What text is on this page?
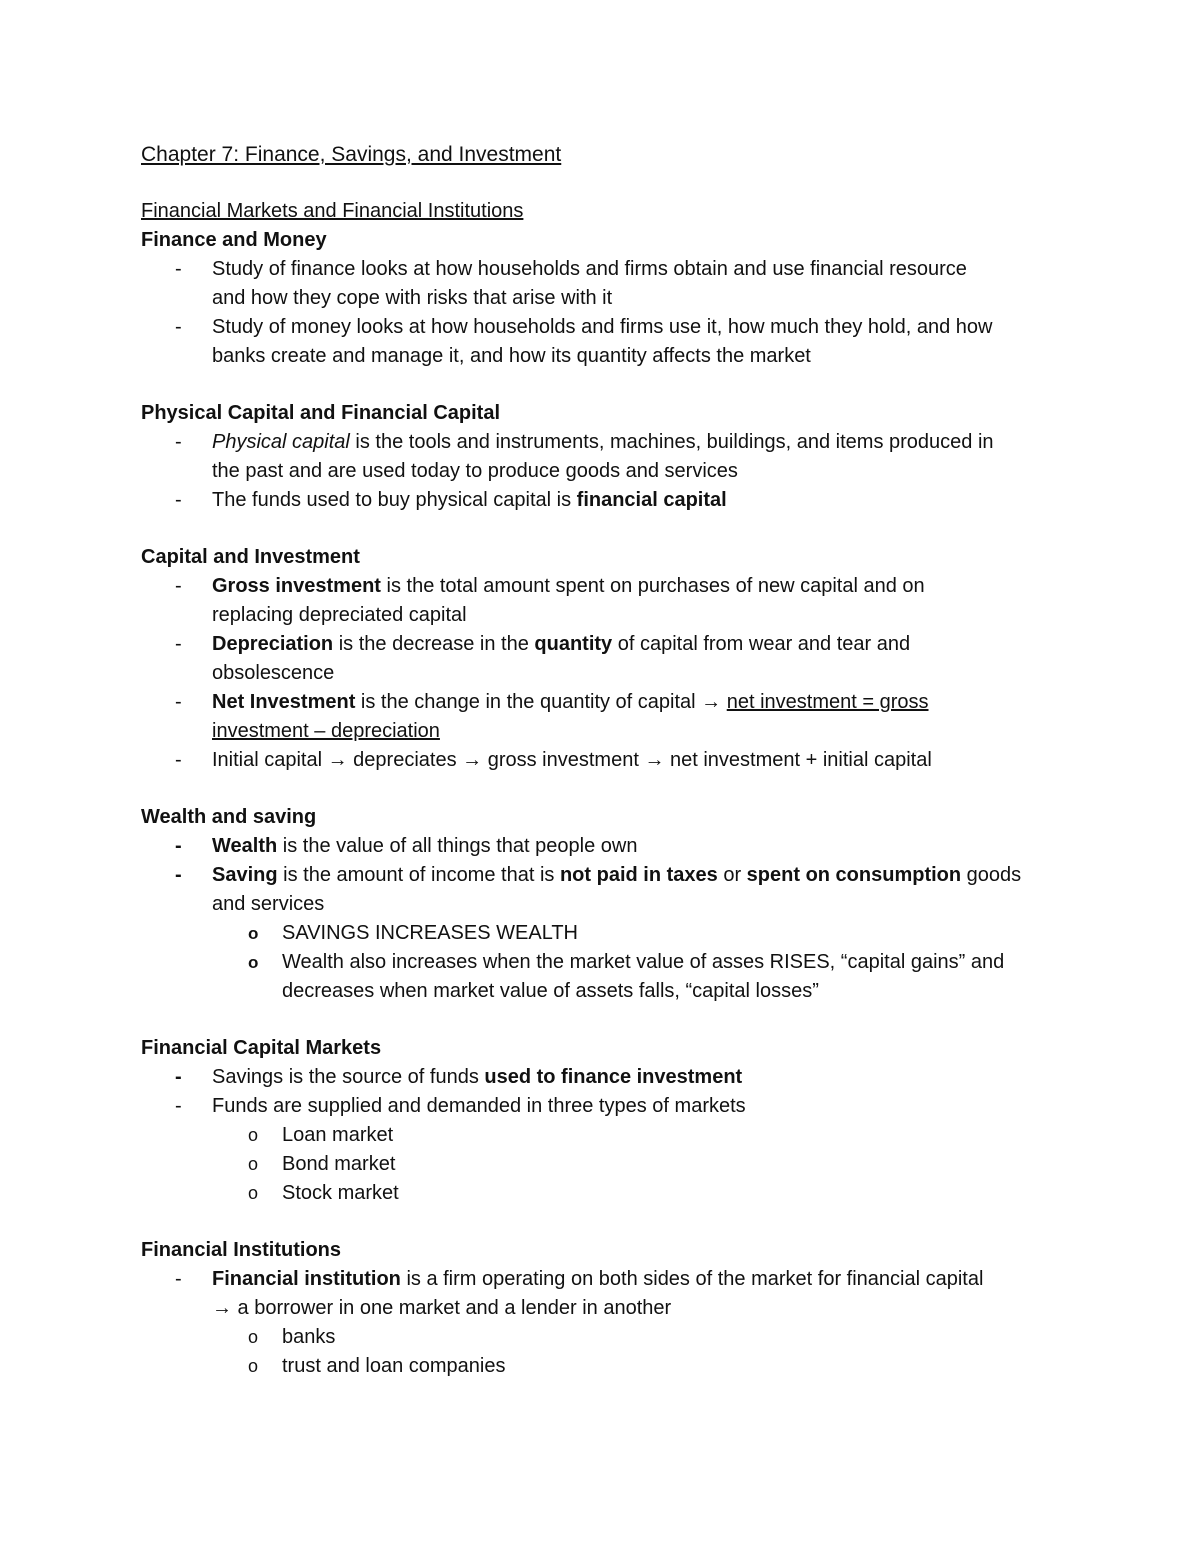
Chapter 7: Finance, Savings, and Investment
Financial Markets and Financial Institutions
Finance and Money
- Study of finance looks at how households and firms obtain and use financial resource
and how they cope with risks that arise with it
- Study of money looks at how households and firms use it, how much they hold, and how
banks create and manage it, and how its quantity affects the market
Physical Capital and Financial Capital
- Physical capital is the tools and instruments, machines, buildings, and items produced in
the past and are used today to produce goods and services
- The funds used to buy physical capital is financial capital
Capital and Investment
- Gross investment is the total amount spent on purchases of new capital and on
replacing depreciated capital
- Depreciation is the decrease in the quantity of capital from wear and tear and
obsolescence
- Net Investment is the change in the quantity of capital → net investment = gross
investment – depreciation
- Initial capital → depreciates → gross investment → net investment + initial capital
Wealth and saving
- Wealth is the value of all things that people own
- Saving is the amount of income that is not paid in taxes or spent on consumption goods
and services
o SAVINGS INCREASES WEALTH
o Wealth also increases when the market value of asses RISES, “capital gains” and
decreases when market value of assets falls, “capital losses”
Financial Capital Markets
- Savings is the source of funds used to finance investment
- Funds are supplied and demanded in three types of markets
o Loan market
o Bond market
o Stock market
Financial Institutions
- Financial institution is a firm operating on both sides of the market for financial capital
→ a borrower in one market and a lender in another
o banks
o trust and loan companies
